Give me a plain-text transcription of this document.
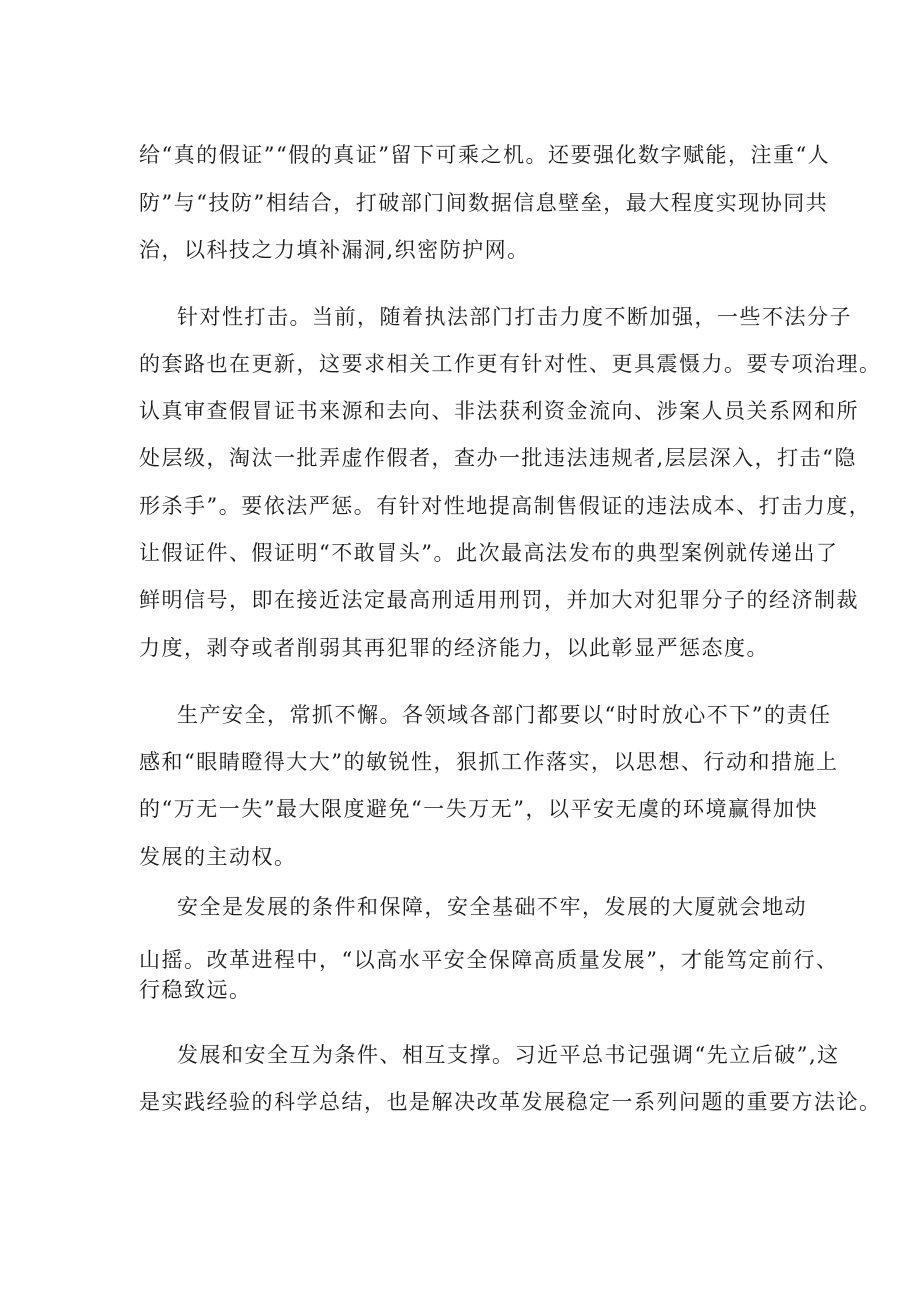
给“真的假证”“假的真证”留下可乘之机。还要强化数字赋能，注重“人
防”与“技防”相结合，打破部门间数据信息壁垒，最大程度实现协同共
治，以科技之力填补漏洞,织密防护网。
针对性打击。当前，随着执法部门打击力度不断加强，一些不法分子
的套路也在更新，这要求相关工作更有针对性、更具震慑力。要专项治理。
认真审查假冒证书来源和去向、非法获利资金流向、涉案人员关系网和所
处层级，淘汰一批弄虚作假者，查办一批违法违规者,层层深入，打击“隐
形杀手”。要依法严惩。有针对性地提高制售假证的违法成本、打击力度，
让假证件、假证明“不敢冒头”。此次最高法发布的典型案例就传递出了
鲜明信号，即在接近法定最高刑适用刑罚，并加大对犯罪分子的经济制裁
力度，剥夺或者削弱其再犯罪的经济能力，以此彰显严惩态度。
生产安全，常抓不懈。各领域各部门都要以“时时放心不下”的责任
感和“眼睛瞪得大大”的敏锐性，狠抓工作落实，以思想、行动和措施上
的“万无一失”最大限度避免“一失万无”，以平安无虞的环境赢得加快
发展的主动权。
安全是发展的条件和保障，安全基础不牢，发展的大厦就会地动
山摇。改革进程中，“以高水平安全保障高质量发展”，才能笃定前行、
行稳致远。
发展和安全互为条件、相互支撑。习近平总书记强调“先立后破”,这
是实践经验的科学总结，也是解决改革发展稳定一系列问题的重要方法论。
